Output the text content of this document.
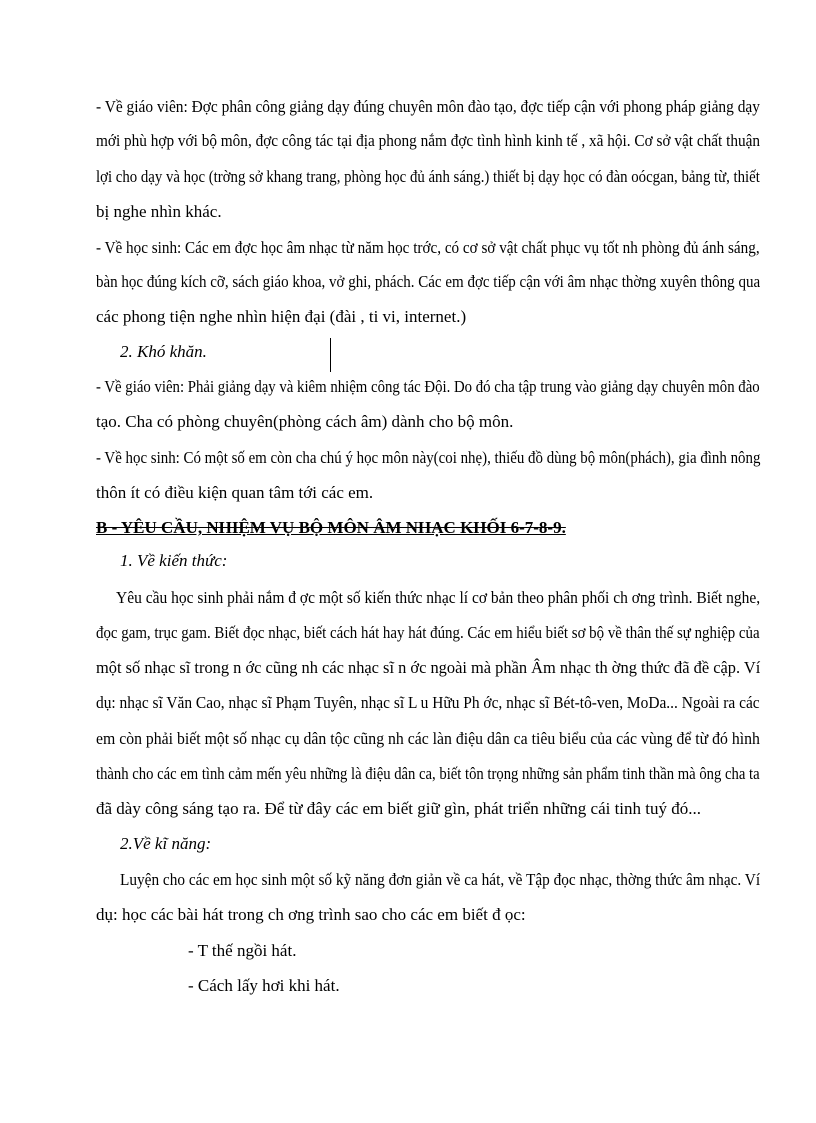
- Về giáo viên: Đợc phân công giảng dạy đúng chuyên môn đào tạo, đợc tiếp cận với phong pháp giảng dạy
mới phù hợp với bộ môn, đợc công tác tại địa phong nắm đợc tình hình kinh tế , xã hội. Cơ sở vật chất thuận
lợi cho dạy và học (trờng sở khang trang, phòng học đủ ánh sáng.) thiết bị dạy học có đàn oócgan, bảng từ, thiết
bị nghe nhìn khác.
- Về học sinh: Các em đợc học âm nhạc từ năm học trớc, có cơ sở vật chất phục vụ tốt nh phòng đủ ánh sáng,
bàn học đúng kích cỡ, sách giáo khoa, vở ghi, phách. Các em đợc tiếp cận với âm nhạc thờng xuyên thông qua
các phong tiện nghe nhìn hiện đại (đài , ti vi, internet.)
2. Khó khăn.
- Về giáo viên: Phải giảng dạy và kiêm nhiệm công tác Đội. Do đó cha tập trung vào giảng dạy chuyên môn đào
tạo. Cha có phòng chuyên(phòng cách âm) dành cho bộ môn.
- Về học sinh: Có một số em còn cha chú ý học môn này(coi nhẹ), thiếu đồ dùng bộ môn(phách), gia đình nông
thôn ít có điều kiện quan tâm tới các em.
B - YÊU CẦU, NHIỆM VỤ BỘ MÔN ÂM NHẠC KHỐI 6-7-8-9.
1. Về kiến thức:
Yêu cầu học sinh phải nắm đ ợc một số kiến thức nhạc lí cơ bản theo phân phối ch ơng trình. Biết nghe,
đọc gam, trục gam. Biết đọc nhạc, biết cách hát hay hát đúng. Các em hiểu biết sơ bộ về thân thế sự nghiệp của
một số nhạc sĩ trong n ớc cũng nh các nhạc sĩ n ớc ngoài mà phần Âm nhạc th ờng thức đã đề cập. Ví
dụ: nhạc sĩ Văn Cao, nhạc sĩ Phạm Tuyên, nhạc sĩ L u Hữu Ph ớc, nhạc sĩ Bét-tô-ven, MoDa... Ngoài ra các
em còn phải biết một số nhạc cụ dân tộc cũng nh các làn điệu dân ca tiêu biểu của các vùng để từ đó hình
thành cho các em tình cảm mến yêu những là điệu dân ca, biết tôn trọng những sản phẩm tinh thần mà ông cha ta
đã dày công sáng tạo ra. Để từ đây các em biết giữ gìn, phát triển những cái tinh tuý đó...
2.Về kĩ năng:
Luyện cho các em học sinh một số kỹ năng đơn giản về ca hát, về Tập đọc nhạc, thờng thức âm nhạc. Ví
dụ: học các bài hát trong ch ơng trình sao cho các em biết đ ọc:
- T thế ngồi hát.
- Cách lấy hơi khi hát.
